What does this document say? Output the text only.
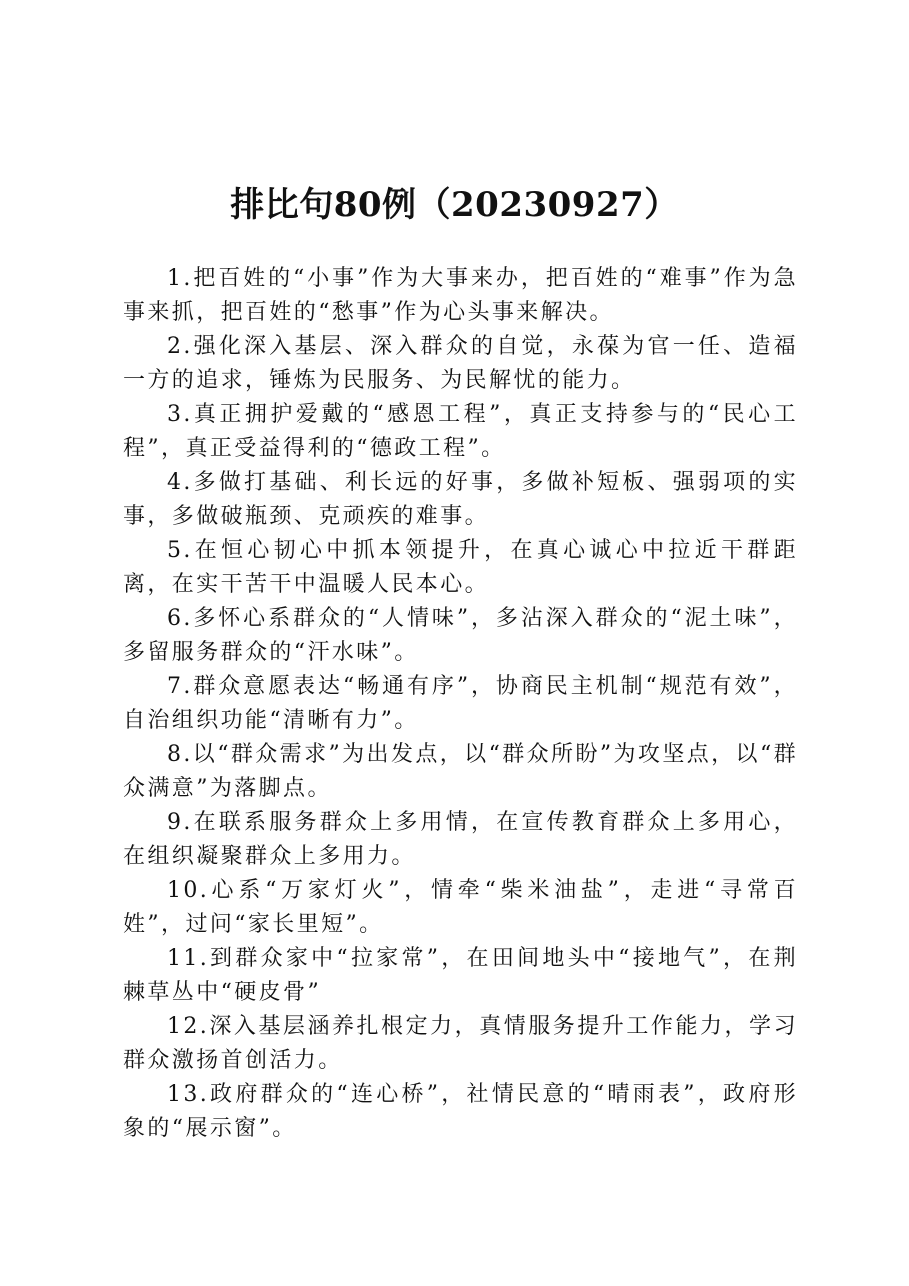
排比句80例（20230927）

1.把百姓的“小事”作为大事来办，把百姓的“难事”作为急事来抓，把百姓的“愁事”作为心头事来解决。

2.强化深入基层、深入群众的自觉，永葆为官一任、造福一方的追求，锤炼为民服务、为民解忧的能力。

3.真正拥护爱戴的“感恩工程”，真正支持参与的“民心工程”，真正受益得利的“德政工程”。

4.多做打基础、利长远的好事，多做补短板、强弱项的实事，多做破瓶颈、克顽疾的难事。

5.在恒心韧心中抓本领提升，在真心诚心中拉近干群距离，在实干苦干中温暖人民本心。

6.多怀心系群众的“人情味”，多沾深入群众的“泥土味”，多留服务群众的“汗水味”。

7.群众意愿表达“畅通有序”，协商民主机制“规范有效”，自治组织功能“清晰有力”。

8.以“群众需求”为出发点，以“群众所盼”为攻坚点，以“群众满意”为落脚点。

9.在联系服务群众上多用情，在宣传教育群众上多用心，在组织凝聚群众上多用力。

10.心系“万家灯火”，情牵“柴米油盐”，走进“寻常百姓”，过问“家长里短”。

11.到群众家中“拉家常”，在田间地头中“接地气”，在荆棘草丛中“硬皮骨”

12.深入基层涵养扎根定力，真情服务提升工作能力，学习群众激扬首创活力。

13.政府群众的“连心桥”，社情民意的“晴雨表”，政府形象的“展示窗”。
